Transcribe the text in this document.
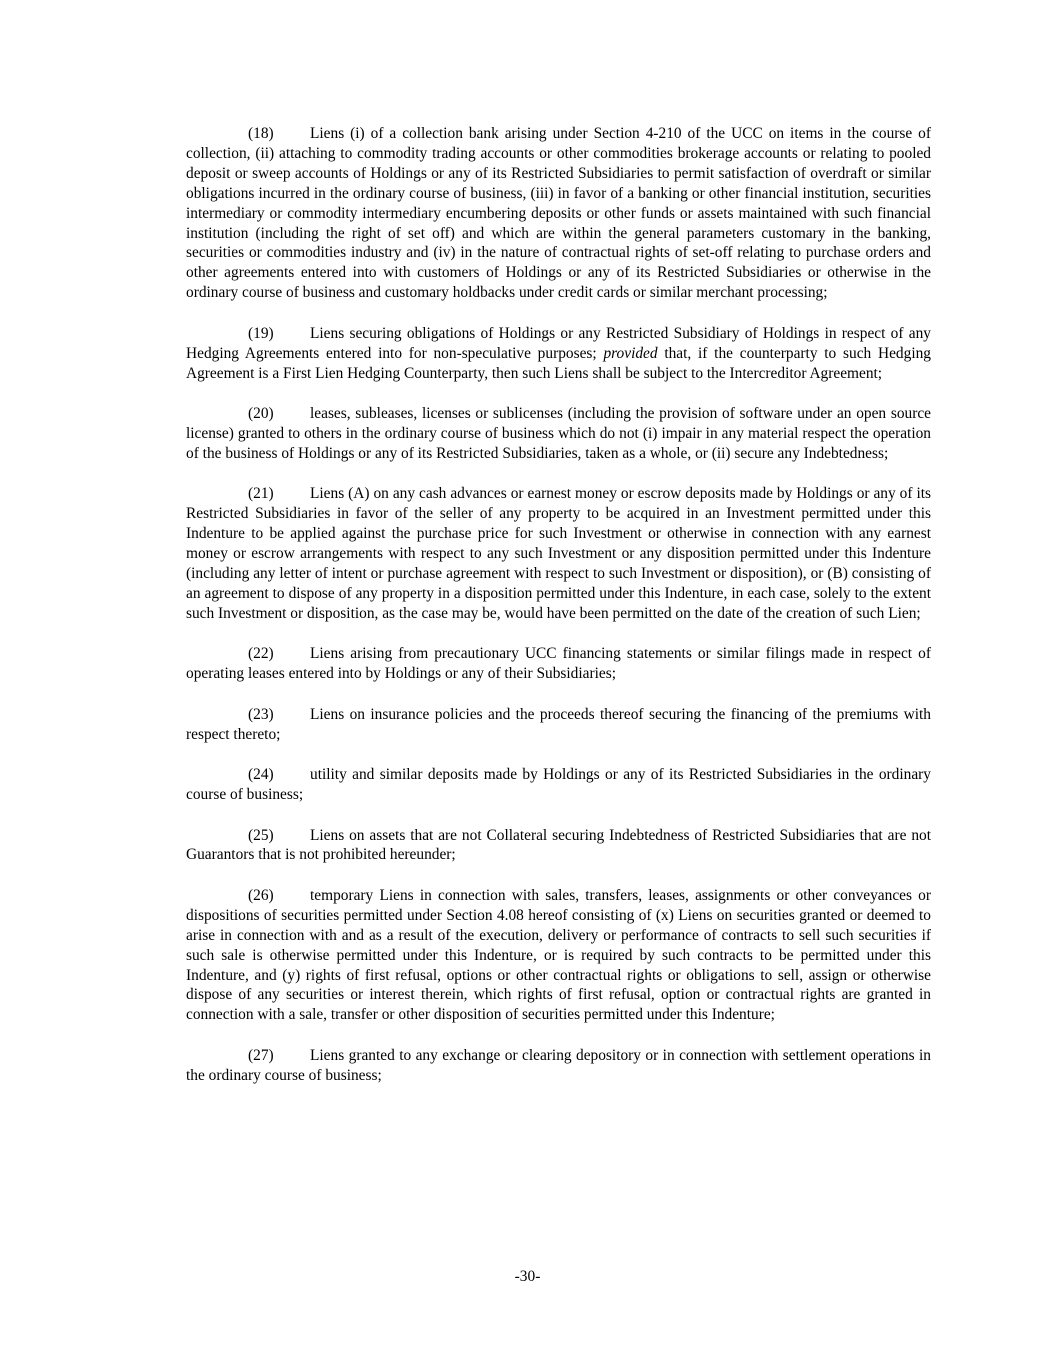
(18) Liens (i) of a collection bank arising under Section 4-210 of the UCC on items in the course of collection, (ii) attaching to commodity trading accounts or other commodities brokerage accounts or relating to pooled deposit or sweep accounts of Holdings or any of its Restricted Subsidiaries to permit satisfaction of overdraft or similar obligations incurred in the ordinary course of business, (iii) in favor of a banking or other financial institution, securities intermediary or commodity intermediary encumbering deposits or other funds or assets maintained with such financial institution (including the right of set off) and which are within the general parameters customary in the banking, securities or commodities industry and (iv) in the nature of contractual rights of set-off relating to purchase orders and other agreements entered into with customers of Holdings or any of its Restricted Subsidiaries or otherwise in the ordinary course of business and customary holdbacks under credit cards or similar merchant processing;

(19) Liens securing obligations of Holdings or any Restricted Subsidiary of Holdings in respect of any Hedging Agreements entered into for non-speculative purposes; provided that, if the counterparty to such Hedging Agreement is a First Lien Hedging Counterparty, then such Liens shall be subject to the Intercreditor Agreement;

(20) leases, subleases, licenses or sublicenses (including the provision of software under an open source license) granted to others in the ordinary course of business which do not (i) impair in any material respect the operation of the business of Holdings or any of its Restricted Subsidiaries, taken as a whole, or (ii) secure any Indebtedness;

(21) Liens (A) on any cash advances or earnest money or escrow deposits made by Holdings or any of its Restricted Subsidiaries in favor of the seller of any property to be acquired in an Investment permitted under this Indenture to be applied against the purchase price for such Investment or otherwise in connection with any earnest money or escrow arrangements with respect to any such Investment or any disposition permitted under this Indenture (including any letter of intent or purchase agreement with respect to such Investment or disposition), or (B) consisting of an agreement to dispose of any property in a disposition permitted under this Indenture, in each case, solely to the extent such Investment or disposition, as the case may be, would have been permitted on the date of the creation of such Lien;

(22) Liens arising from precautionary UCC financing statements or similar filings made in respect of operating leases entered into by Holdings or any of their Subsidiaries;

(23) Liens on insurance policies and the proceeds thereof securing the financing of the premiums with respect thereto;

(24) utility and similar deposits made by Holdings or any of its Restricted Subsidiaries in the ordinary course of business;

(25) Liens on assets that are not Collateral securing Indebtedness of Restricted Subsidiaries that are not Guarantors that is not prohibited hereunder;

(26) temporary Liens in connection with sales, transfers, leases, assignments or other conveyances or dispositions of securities permitted under Section 4.08 hereof consisting of (x) Liens on securities granted or deemed to arise in connection with and as a result of the execution, delivery or performance of contracts to sell such securities if such sale is otherwise permitted under this Indenture, or is required by such contracts to be permitted under this Indenture, and (y) rights of first refusal, options or other contractual rights or obligations to sell, assign or otherwise dispose of any securities or interest therein, which rights of first refusal, option or contractual rights are granted in connection with a sale, transfer or other disposition of securities permitted under this Indenture;

(27) Liens granted to any exchange or clearing depository or in connection with settlement operations in the ordinary course of business;

-30-
